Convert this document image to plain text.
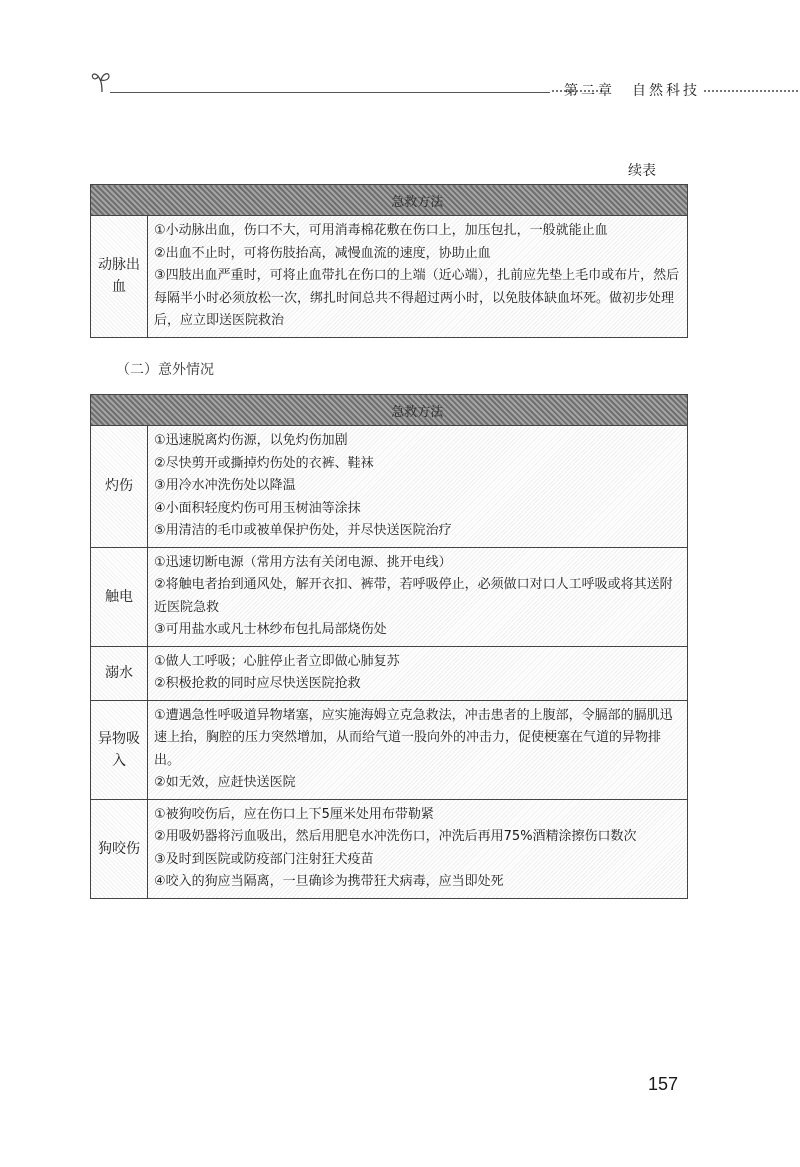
第二章　自然科技
续表
	急救方法
动脉出血	①小动脉出血，伤口不大，可用消毒棉花敷在伤口上，加压包扎，一般就能止血
②出血不止时，可将伤肢抬高，减慢血流的速度，协助止血
③四肢出血严重时，可将止血带扎在伤口的上端（近心端），扎前应先垫上毛巾或布片，然后每隔半小时必须放松一次，绑扎时间总共不得超过两小时，以免肢体缺血坏死。做初步处理后，应立即送医院救治
（二）意外情况
	急救方法
灼伤	①迅速脱离灼伤源，以免灼伤加剧
②尽快剪开或撕掉灼伤处的衣裤、鞋袜
③用冷水冲洗伤处以降温
④小面积轻度灼伤可用玉树油等涂抹
⑤用清洁的毛巾或被单保护伤处，并尽快送医院治疗

触电	①迅速切断电源（常用方法有关闭电源、挑开电线）
②将触电者抬到通风处，解开衣扣、裤带，若呼吸停止，必须做口对口人工呼吸或将其送附近医院急救
③可用盐水或凡士林纱布包扎局部烧伤处

溺水	①做人工呼吸；心脏停止者立即做心肺复苏
②积极抢救的同时应尽快送医院抢救

异物吸入	①遭遇急性呼吸道异物堵塞，应实施海姆立克急救法，冲击患者的上腹部，令膈部的膈肌迅速上抬，胸腔的压力突然增加，从而给气道一股向外的冲击力，促使梗塞在气道的异物排出。
②如无效，应赶快送医院

狗咬伤	①被狗咬伤后，应在伤口上下5厘米处用布带勒紧
②用吸奶器将污血吸出，然后用肥皂水冲洗伤口，冲洗后再用75%酒精涂擦伤口数次
③及时到医院或防疫部门注射狂犬疫苗
④咬入的狗应当隔离，一旦确诊为携带狂犬病毒，应当即处死
157
